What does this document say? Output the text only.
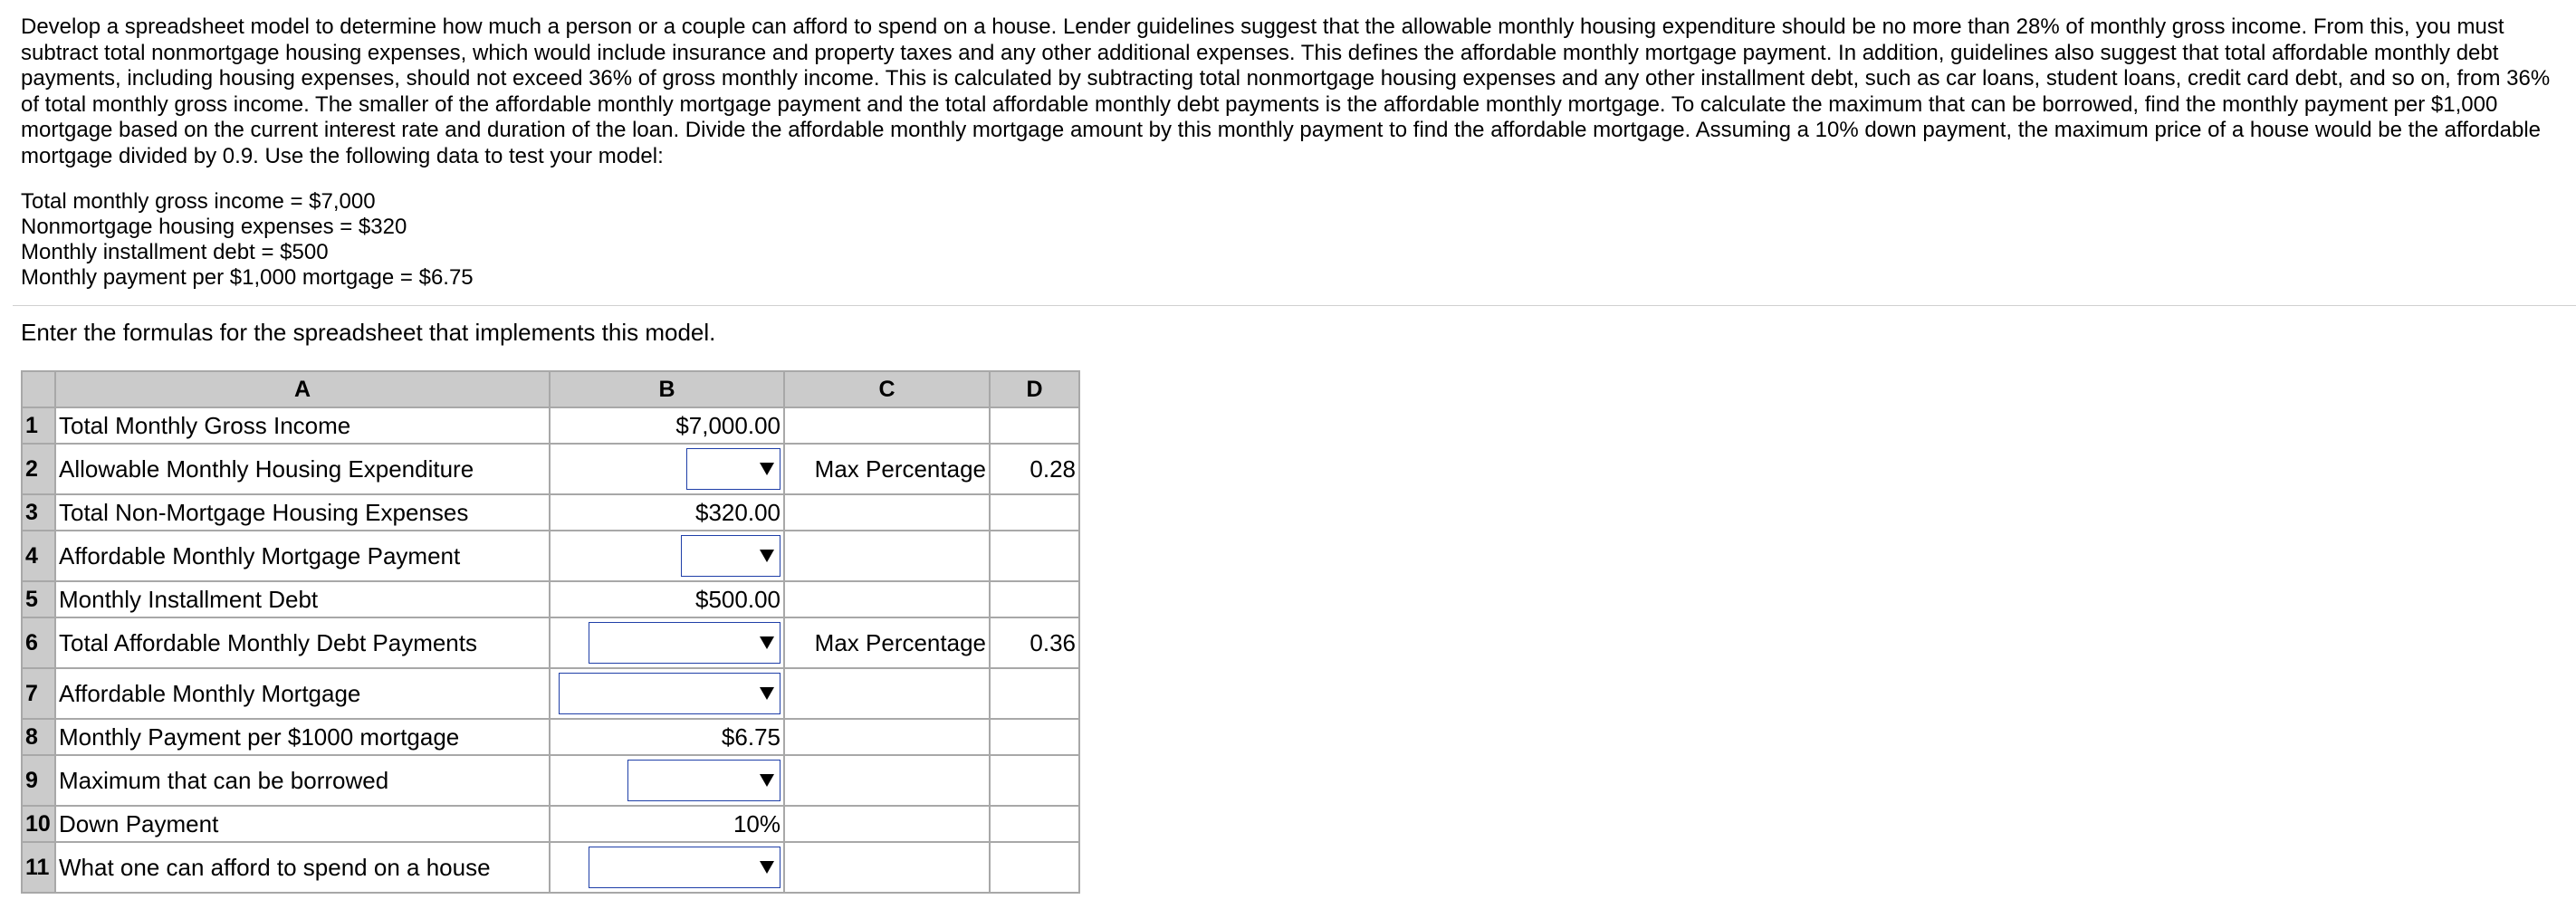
Develop a spreadsheet model to determine how much a person or a couple can afford to spend on a house. Lender guidelines suggest that the allowable monthly housing expenditure should be no more than 28% of monthly gross income. From this, you must subtract total nonmortgage housing expenses, which would include insurance and property taxes and any other additional expenses. This defines the affordable monthly mortgage payment. In addition, guidelines also suggest that total affordable monthly debt payments, including housing expenses, should not exceed 36% of gross monthly income. This is calculated by subtracting total nonmortgage housing expenses and any other installment debt, such as car loans, student loans, credit card debt, and so on, from 36% of total monthly gross income. The smaller of the affordable monthly mortgage payment and the total affordable monthly debt payments is the affordable monthly mortgage. To calculate the maximum that can be borrowed, find the monthly payment per $1,000 mortgage based on the current interest rate and duration of the loan. Divide the affordable monthly mortgage amount by this monthly payment to find the affordable mortgage. Assuming a 10% down payment, the maximum price of a house would be the affordable mortgage divided by 0.9. Use the following data to test your model:

Total monthly gross income = $7,000
Nonmortgage housing expenses = $320
Monthly installment debt = $500
Monthly payment per $1,000 mortgage = $6.75
Enter the formulas for the spreadsheet that implements this model.
	A	B	C	D
1	Total Monthly Gross Income	$7,000.00		
2	Allowable Monthly Housing Expenditure		Max Percentage	0.28
3	Total Non-Mortgage Housing Expenses	$320.00		
4	Affordable Monthly Mortgage Payment	

5	Monthly Installment Debt	$500.00		
6	Total Affordable Monthly Debt Payments		Max Percentage	0.36
7	Affordable Monthly Mortgage	

8	Monthly Payment per $1000 mortgage	$6.75		
9	Maximum that can be borrowed	

10	Down Payment	10%		
11	What one can afford to spend on a house	
